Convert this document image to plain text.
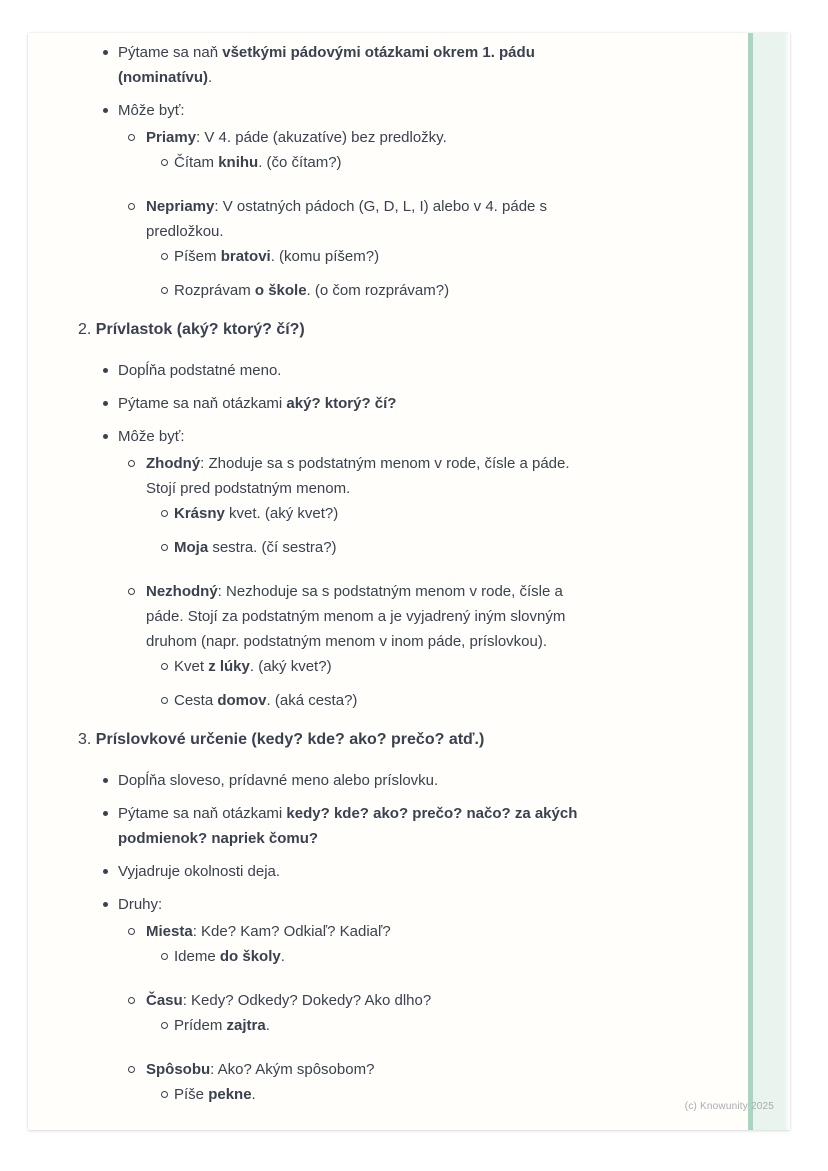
Pýtame sa naň všetkými pádovými otázkami okrem 1. pádu (nominatívu).
Môže byť:
Priamy: V 4. páde (akuzatíve) bez predložky.
Čítam knihu. (čo čítam?)
Nepriamy: V ostatných pádoch (G, D, L, I) alebo v 4. páde s predložkou.
Píšem bratovi. (komu píšem?)
Rozprávam o škole. (o čom rozprávam?)
2. Prívlastok (aký? ktorý? čí?)
Dopĺňa podstatné meno.
Pýtame sa naň otázkami aký? ktorý? čí?
Môže byť:
Zhodný: Zhoduje sa s podstatným menom v rode, čísle a páde. Stojí pred podstatným menom.
Krásny kvet. (aký kvet?)
Moja sestra. (čí sestra?)
Nezhodný: Nezhoduje sa s podstatným menom v rode, čísle a páde. Stojí za podstatným menom a je vyjadrený iným slovným druhom (napr. podstatným menom v inom páde, príslovkou).
Kvet z lúky. (aký kvet?)
Cesta domov. (aká cesta?)
3. Príslovkové určenie (kedy? kde? ako? prečo? atď.)
Dopĺňa sloveso, prídavné meno alebo príslovku.
Pýtame sa naň otázkami kedy? kde? ako? prečo? načo? za akých podmienok? napriek čomu?
Vyjadruje okolnosti deja.
Druhy:
Miesta: Kde? Kam? Odkiaľ? Kadiaľ?
Ideme do školy.
Času: Kedy? Odkedy? Dokedy? Ako dlho?
Prídem zajtra.
Spôsobu: Ako? Akým spôsobom?
Píše pekne.
(c) Knowunity 2025
